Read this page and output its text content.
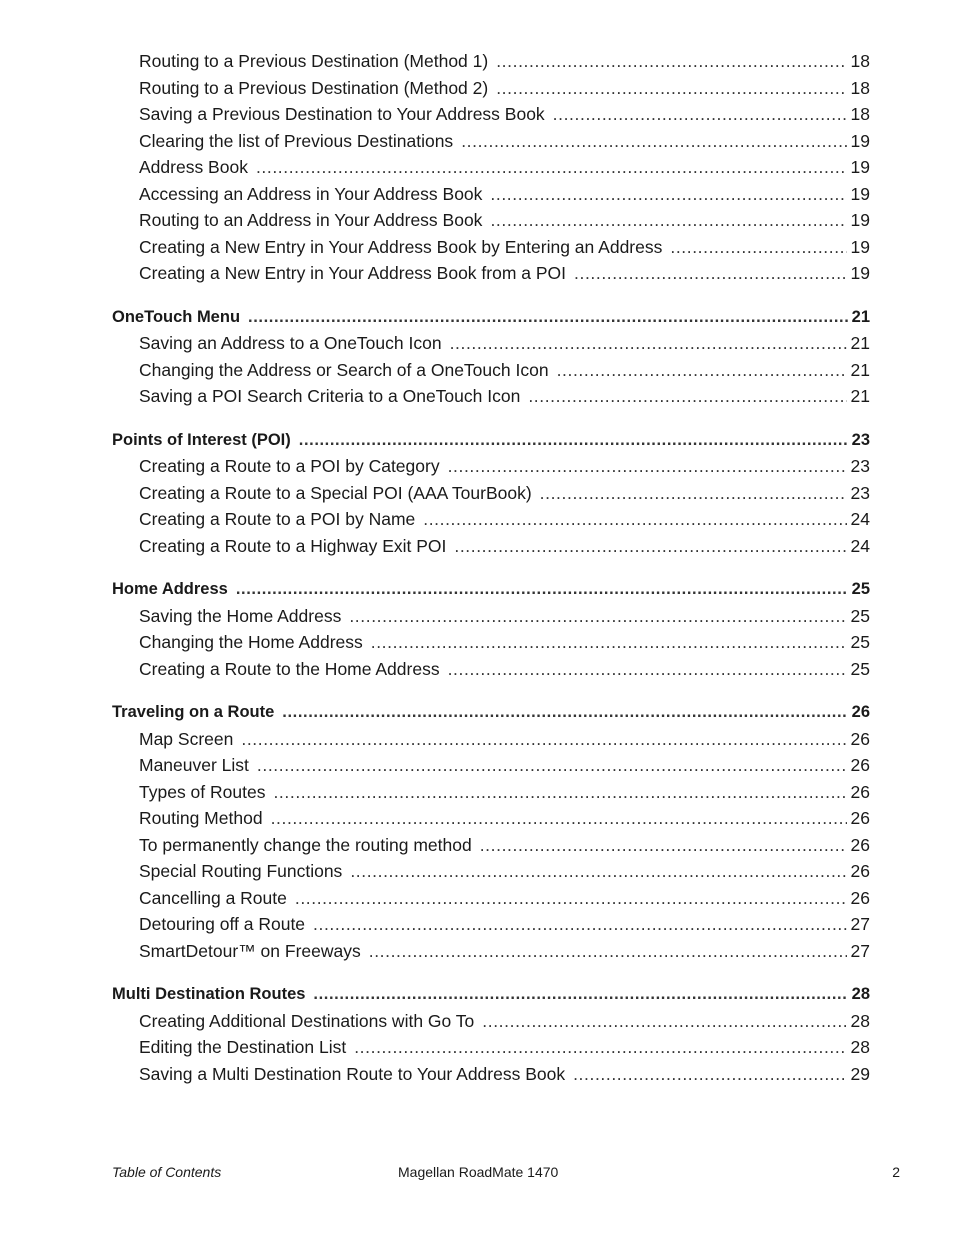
Routing to a Previous Destination (Method 1) .....	18
Routing to a Previous Destination (Method 2) .....	18
Saving a Previous Destination to Your Address Book .....	18
Clearing the list of Previous Destinations .....	19
Address Book .....	19
Accessing an Address in Your Address Book .....	19
Routing to an Address in Your Address Book .....	19
Creating a New Entry in Your Address Book by Entering an Address .....	19
Creating a New Entry in Your Address Book from a POI .....	19
OneTouch Menu .....	21
Saving an Address to a OneTouch Icon .....	21
Changing the Address or Search of a OneTouch Icon .....	21
Saving a POI Search Criteria to a OneTouch Icon .....	21
Points of Interest (POI) .....	23
Creating a Route to a POI by Category .....	23
Creating a Route to a Special POI (AAA TourBook) .....	23
Creating a Route to a POI by Name .....	24
Creating a Route to a Highway Exit POI .....	24
Home Address .....	25
Saving the Home Address .....	25
Changing the Home Address .....	25
Creating a Route to the Home Address .....	25
Traveling on a Route .....	26
Map Screen .....	26
Maneuver List .....	26
Types of Routes .....	26
Routing Method .....	26
To permanently change the routing method .....	26
Special Routing Functions .....	26
Cancelling a Route .....	26
Detouring off a Route .....	27
SmartDetour™ on Freeways .....	27
Multi Destination Routes .....	28
Creating Additional Destinations with Go To .....	28
Editing the Destination List .....	28
Saving a Multi Destination Route to Your Address Book .....	29
Table of Contents	Magellan RoadMate 1470	2
